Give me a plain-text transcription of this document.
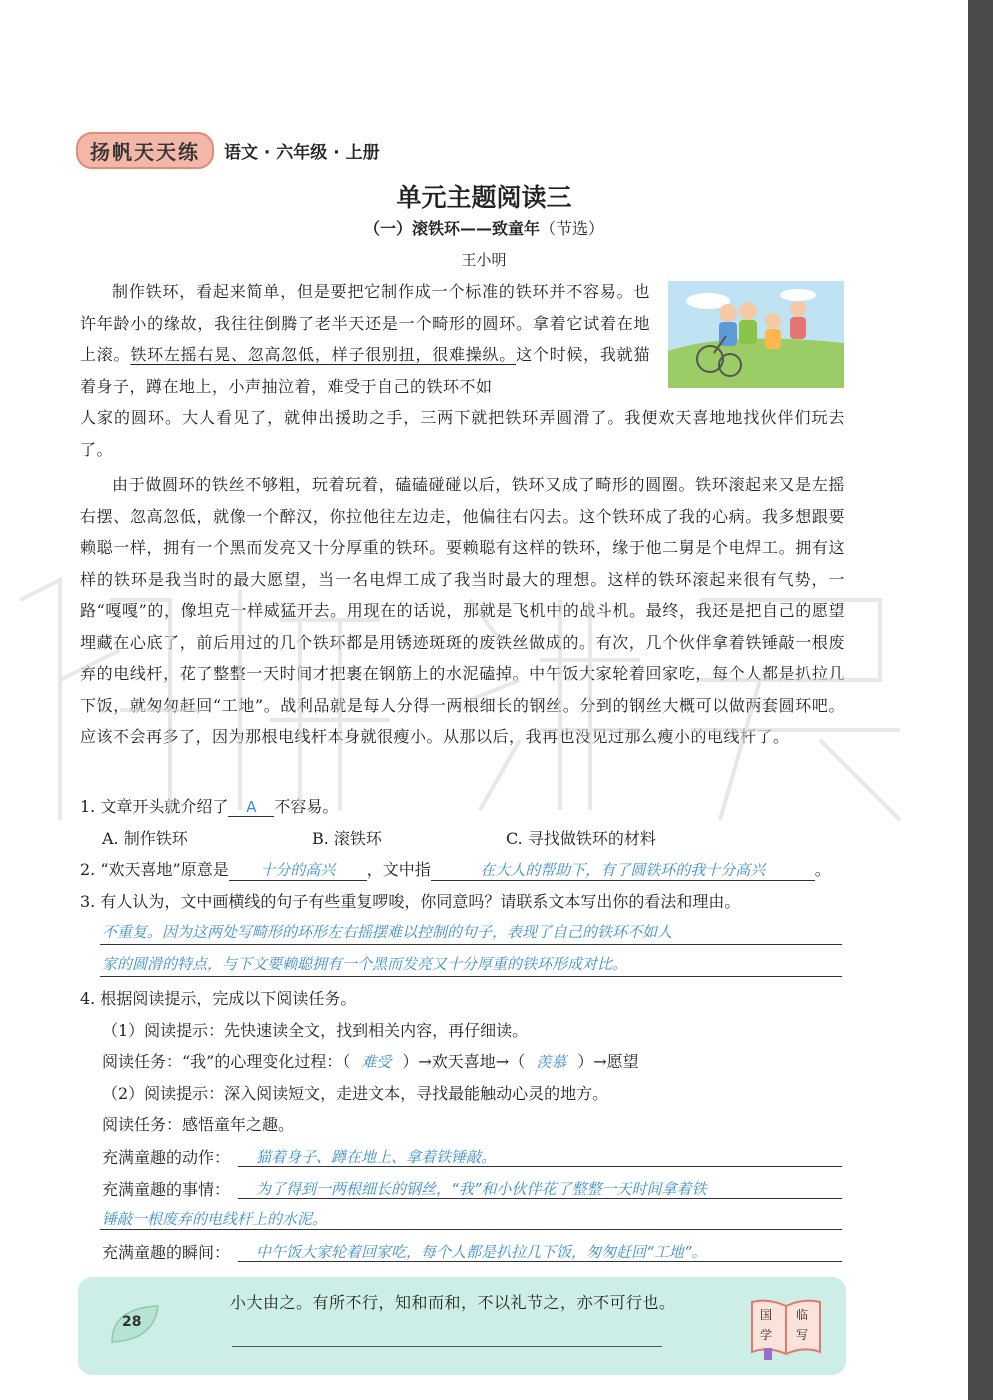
扬帆天天练	语文 · 六年级 · 上册
单元主题阅读三
（一）滚铁环——致童年（节选）
王小明
制作铁环，看起来简单，但是要把它制作成一个标准的铁环并不容易。也许年龄小的缘故，我往往倒腾了老半天还是一个畸形的圆环。拿着它试着在地上滚。铁环左摇右晃、忽高忽低，样子很别扭，很难操纵。这个时候，我就猫着身子，蹲在地上，小声抽泣着，难受于自己的铁环不如
人家的圆环。大人看见了，就伸出援助之手，三两下就把铁环弄圆滑了。我便欢天喜地地找伙伴们玩去了。
由于做圆环的铁丝不够粗，玩着玩着，磕磕碰碰以后，铁环又成了畸形的圆圈。铁环滚起来又是左摇右摆、忽高忽低，就像一个醉汉，你拉他往左边走，他偏往右闪去。这个铁环成了我的心病。我多想跟要赖聪一样，拥有一个黑而发亮又十分厚重的铁环。要赖聪有这样的铁环，缘于他二舅是个电焊工。拥有这样的铁环是我当时的最大愿望，当一名电焊工成了我当时最大的理想。这样的铁环滚起来很有气势，一路“嘎嘎”的，像坦克一样威猛开去。用现在的话说，那就是飞机中的战斗机。最终，我还是把自己的愿望埋藏在心底了，前后用过的几个铁环都是用锈迹斑斑的废铁丝做成的。有次，几个伙伴拿着铁锤敲一根废弃的电线杆，花了整整一天时间才把裹在钢筋上的水泥磕掉。中午饭大家轮着回家吃，每个人都是扒拉几下饭，就匆匆赶回“工地”。战利品就是每人分得一两根细长的钢丝。分到的钢丝大概可以做两套圆环吧。应该不会再多了，因为那根电线杆本身就很瘦小。从那以后，我再也没见过那么瘦小的电线杆了。
1. 文章开头就介绍了 A 不容易。
A. 制作铁环	B. 滚铁环	C. 寻找做铁环的材料
2. “欢天喜地”原意是 十分的高兴 ，文中指	在大人的帮助下，有了圆铁环的我十分高兴	。
3. 有人认为，文中画横线的句子有些重复啰唆，你同意吗？请联系文本写出你的看法和理由。
不重复。因为这两处写畸形的环形左右摇摆难以控制的句子，表现了自己的铁环不如人
家的圆滑的特点，与下文要赖聪拥有一个黑而发亮又十分厚重的铁环形成对比。
4. 根据阅读提示，完成以下阅读任务。
（1）阅读提示：先快速读全文，找到相关内容，再仔细读。
阅读任务：“我”的心理变化过程：（ 难受 ）→欢天喜地→（ 羡慕 ）→愿望
（2）阅读提示：深入阅读短文，走进文本，寻找最能触动心灵的地方。
阅读任务：感悟童年之趣。
充满童趣的动作： 猫着身子、蹲在地上、拿着铁锤敲。
充满童趣的事情： 为了得到一两根细长的钢丝，“我”和小伙伴花了整整一天时间拿着铁
锤敲一根废弃的电线杆上的水泥。
充满童趣的瞬间： 中午饭大家轮着回家吃，每个人都是扒拉几下饭，匆匆赶回“工地”。
28
小大由之。有所不行，知和而和，不以礼节之，亦不可行也。
国 临
学 写
